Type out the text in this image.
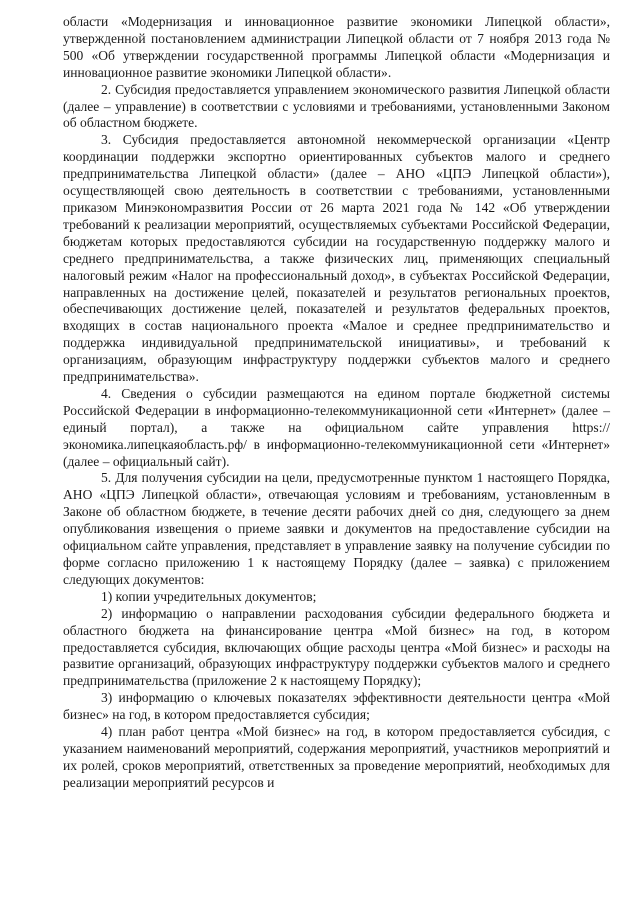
области «Модернизация и инновационное развитие экономики Липецкой области», утвержденной постановлением администрации Липецкой области от 7 ноября 2013 года № 500 «Об утверждении государственной программы Липецкой области «Модернизация и инновационное развитие экономики Липецкой области».

2. Субсидия предоставляется управлением экономического развития Липецкой области (далее – управление) в соответствии с условиями и требованиями, установленными Законом об областном бюджете.

3. Субсидия предоставляется автономной некоммерческой организации «Центр координации поддержки экспортно ориентированных субъектов малого и среднего предпринимательства Липецкой области» (далее – АНО «ЦПЭ Липецкой области»), осуществляющей свою деятельность в соответствии с требованиями, установленными приказом Минэкономразвития России от 26 марта 2021 года № 142 «Об утверждении требований к реализации мероприятий, осуществляемых субъектами Российской Федерации, бюджетам которых предоставляются субсидии на государственную поддержку малого и среднего предпринимательства, а также физических лиц, применяющих специальный налоговый режим «Налог на профессиональный доход», в субъектах Российской Федерации, направленных на достижение целей, показателей и результатов региональных проектов, обеспечивающих достижение целей, показателей и результатов федеральных проектов, входящих в состав национального проекта «Малое и среднее предпринимательство и поддержка индивидуальной предпринимательской инициативы», и требований к организациям, образующим инфраструктуру поддержки субъектов малого и среднего предпринимательства».

4. Сведения о субсидии размещаются на едином портале бюджетной системы Российской Федерации в информационно-телекоммуникационной сети «Интернет» (далее – единый портал), а также на официальном сайте управления https://экономика.липецкаяобласть.рф/ в информационно-телекоммуникационной сети «Интернет» (далее – официальный сайт).

5. Для получения субсидии на цели, предусмотренные пунктом 1 настоящего Порядка, АНО «ЦПЭ Липецкой области», отвечающая условиям и требованиям, установленным в Законе об областном бюджете, в течение десяти рабочих дней со дня, следующего за днем опубликования извещения о приеме заявки и документов на предоставление субсидии на официальном сайте управления, представляет в управление заявку на получение субсидии по форме согласно приложению 1 к настоящему Порядку (далее – заявка) с приложением следующих документов:

1) копии учредительных документов;

2) информацию о направлении расходования субсидии федерального бюджета и областного бюджета на финансирование центра «Мой бизнес» на год, в котором предоставляется субсидия, включающих общие расходы центра «Мой бизнес» и расходы на развитие организаций, образующих инфраструктуру поддержки субъектов малого и среднего предпринимательства (приложение 2 к настоящему Порядку);

3) информацию о ключевых показателях эффективности деятельности центра «Мой бизнес» на год, в котором предоставляется субсидия;

4) план работ центра «Мой бизнес» на год, в котором предоставляется субсидия, с указанием наименований мероприятий, содержания мероприятий, участников мероприятий и их ролей, сроков мероприятий, ответственных за проведение мероприятий, необходимых для реализации мероприятий ресурсов и
